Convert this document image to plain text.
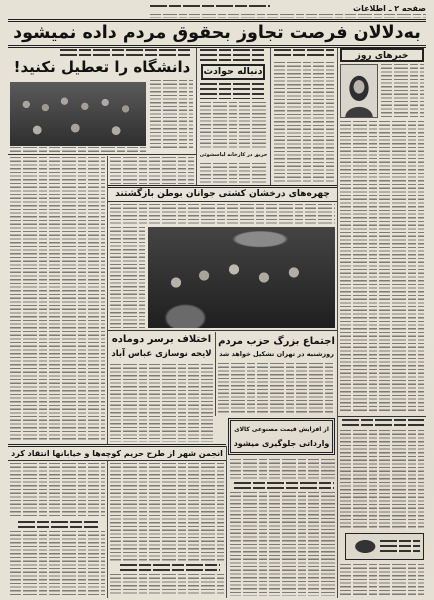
صفحه ۲ ـ اطلاعات
به‌دلالان فرصت تجاوز بحقوق مردم داده نمیشود
خبرهای روز
دنباله حوادث
حریق در کارخانه لباسشوئی
دانشگاه را تعطیل نکنید!
چهره‌های درخشان کشتی جوانان بوطن بازگشتند
اختلاف برسر دوماده
لایحه نوسازی عباس آباد
اجتماع بزرگ حزب مردم
روزشنبه در تهران تشکیل خواهد شد
از افزایش قیمت مصنوعی کالای
وارداتی جلوگیری میشود
انجمن شهر از طرح حریم کوچه‌ها و خیابانها انتقاد کرد
